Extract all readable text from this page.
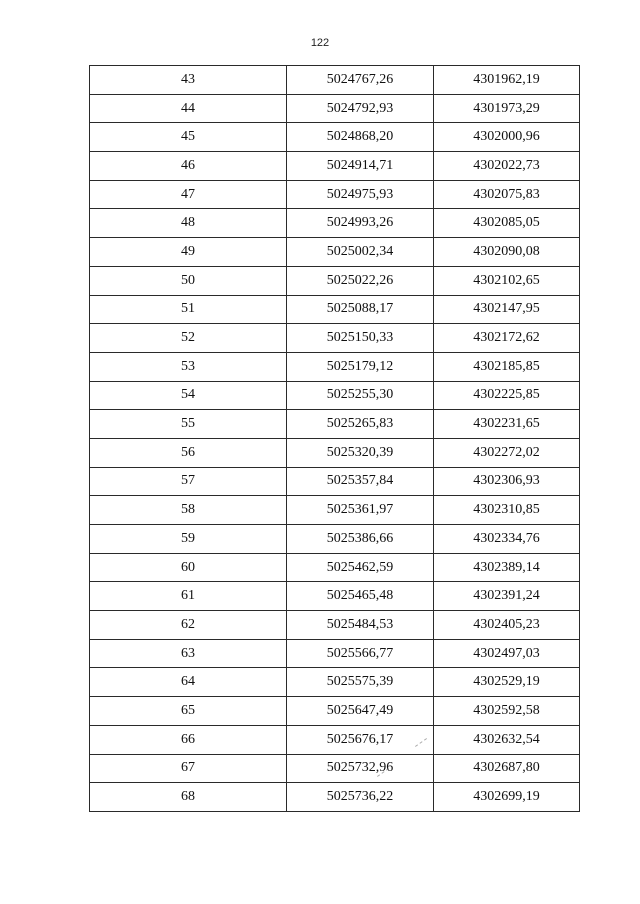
122
43	5024767,26	4301962,19
44	5024792,93	4301973,29
45	5024868,20	4302000,96
46	5024914,71	4302022,73
47	5024975,93	4302075,83
48	5024993,26	4302085,05
49	5025002,34	4302090,08
50	5025022,26	4302102,65
51	5025088,17	4302147,95
52	5025150,33	4302172,62
53	5025179,12	4302185,85
54	5025255,30	4302225,85
55	5025265,83	4302231,65
56	5025320,39	4302272,02
57	5025357,84	4302306,93
58	5025361,97	4302310,85
59	5025386,66	4302334,76
60	5025462,59	4302389,14
61	5025465,48	4302391,24
62	5025484,53	4302405,23
63	5025566,77	4302497,03
64	5025575,39	4302529,19
65	5025647,49	4302592,58
66	5025676,17	4302632,54
67	5025732,96	4302687,80
68	5025736,22	4302699,19
